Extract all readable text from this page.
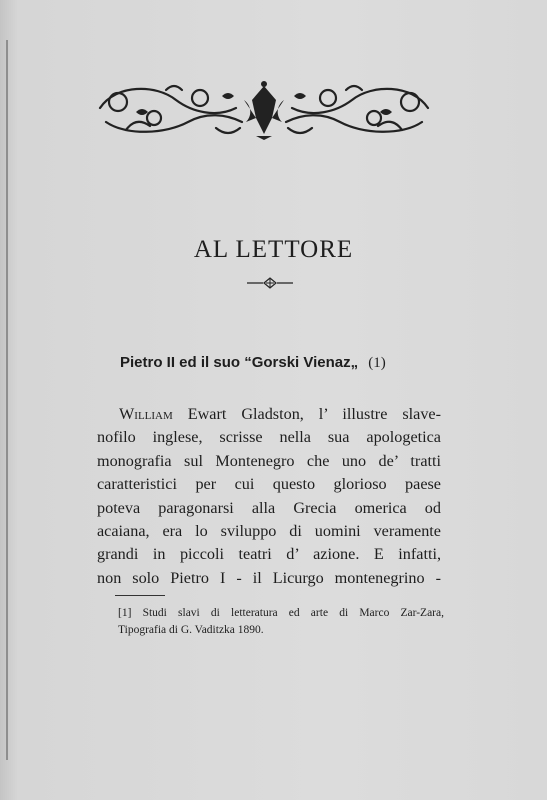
AL LETTORE
Pietro II ed il suo “Gorski Vienaz„ (1)
William Ewart Gladston, l’ illustre slave-
nofilo inglese, scrisse nella sua apologetica
monografia sul Montenegro che uno de’ tratti
caratteristici per cui questo glorioso paese
poteva paragonarsi alla Grecia omerica od
acaiana, era lo sviluppo di uomini veramente
grandi in piccoli teatri d’ azione. E infatti,
non solo Pietro I - il Licurgo montenegrino -
[1] Studi slavi di letteratura ed arte di Marco Zar-Zara,
Tipografia di G. Vaditzka 1890.
